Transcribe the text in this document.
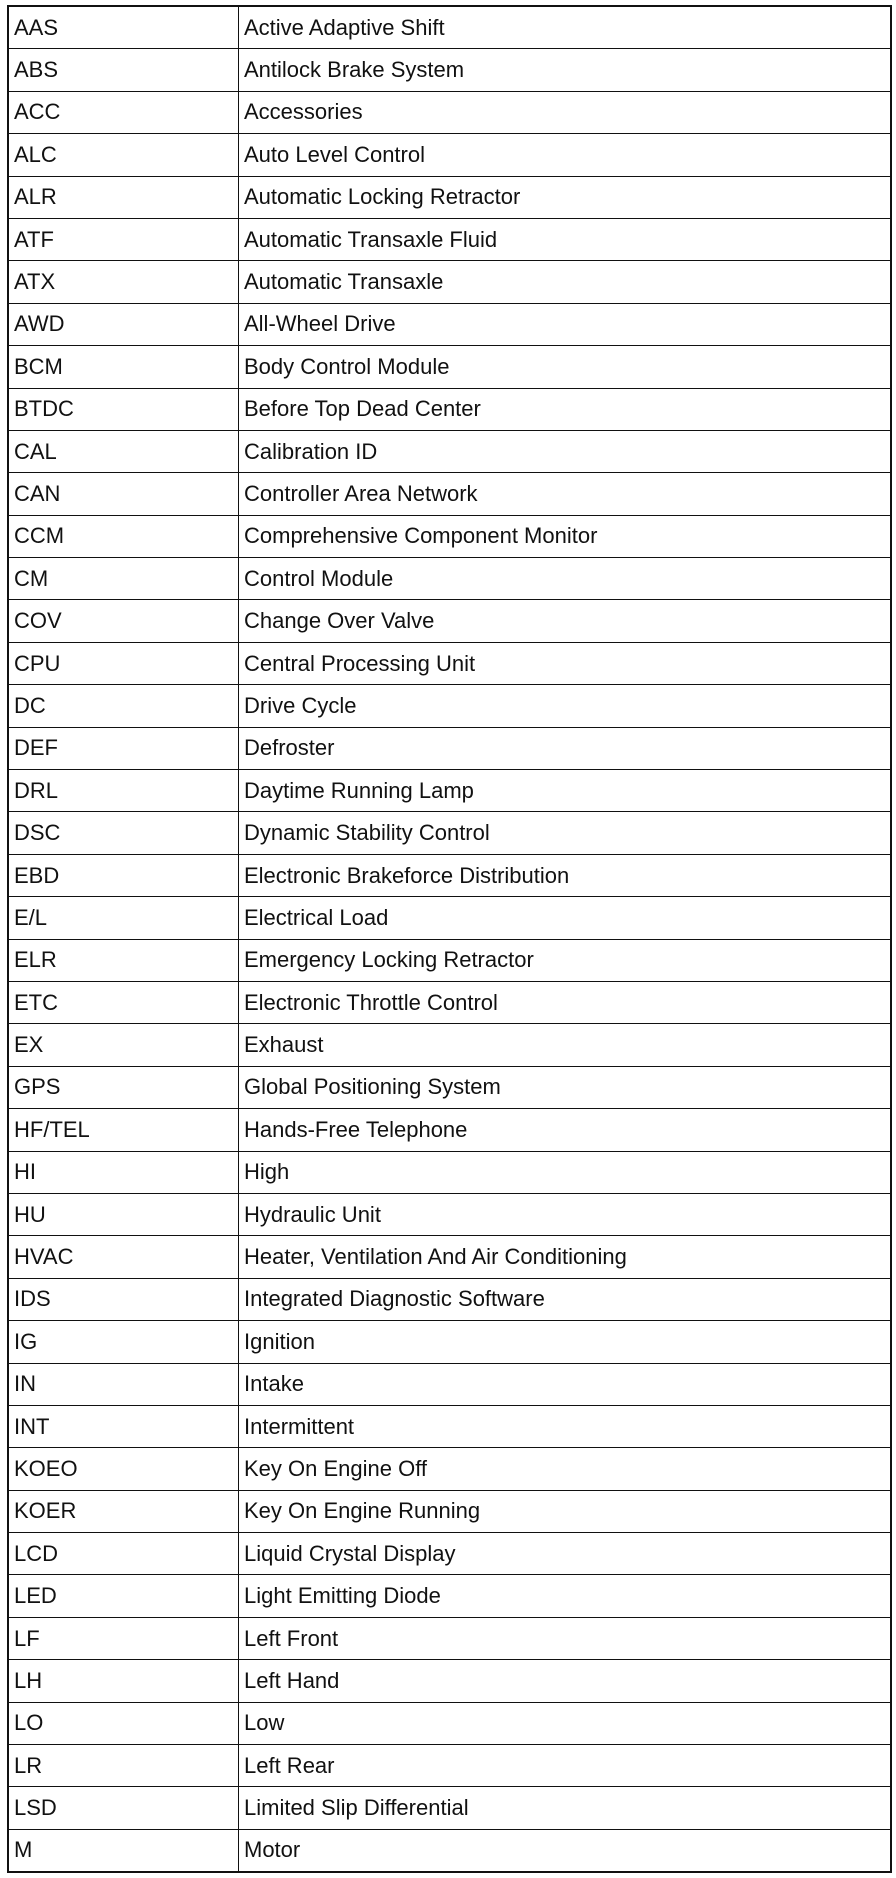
AAS	Active Adaptive Shift
ABS	Antilock Brake System
ACC	Accessories
ALC	Auto Level Control
ALR	Automatic Locking Retractor
ATF	Automatic Transaxle Fluid
ATX	Automatic Transaxle
AWD	All-Wheel Drive
BCM	Body Control Module
BTDC	Before Top Dead Center
CAL	Calibration ID
CAN	Controller Area Network
CCM	Comprehensive Component Monitor
CM	Control Module
COV	Change Over Valve
CPU	Central Processing Unit
DC	Drive Cycle
DEF	Defroster
DRL	Daytime Running Lamp
DSC	Dynamic Stability Control
EBD	Electronic Brakeforce Distribution
E/L	Electrical Load
ELR	Emergency Locking Retractor
ETC	Electronic Throttle Control
EX	Exhaust
GPS	Global Positioning System
HF/TEL	Hands-Free Telephone
HI	High
HU	Hydraulic Unit
HVAC	Heater, Ventilation And Air Conditioning
IDS	Integrated Diagnostic Software
IG	Ignition
IN	Intake
INT	Intermittent
KOEO	Key On Engine Off
KOER	Key On Engine Running
LCD	Liquid Crystal Display
LED	Light Emitting Diode
LF	Left Front
LH	Left Hand
LO	Low
LR	Left Rear
LSD	Limited Slip Differential
M	Motor
